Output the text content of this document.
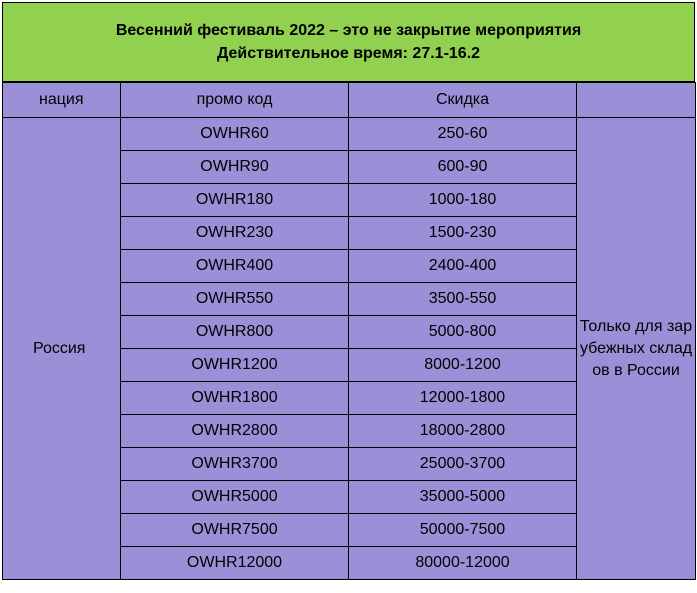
Весенний фестиваль 2022 – это не закрытие мероприятия
Действительное время: 27.1-16.2
нация	промо код	Скидка	
Россия	OWHR60	250-60	Только для зарубежных складов в России
	OWHR90	600-90	
	OWHR180	1000-180	
	OWHR230	1500-230	
	OWHR400	2400-400	
	OWHR550	3500-550	
	OWHR800	5000-800	
	OWHR1200	8000-1200	
	OWHR1800	12000-1800	
	OWHR2800	18000-2800	
	OWHR3700	25000-3700	
	OWHR5000	35000-5000	
	OWHR7500	50000-7500	
	OWHR12000	80000-12000	
